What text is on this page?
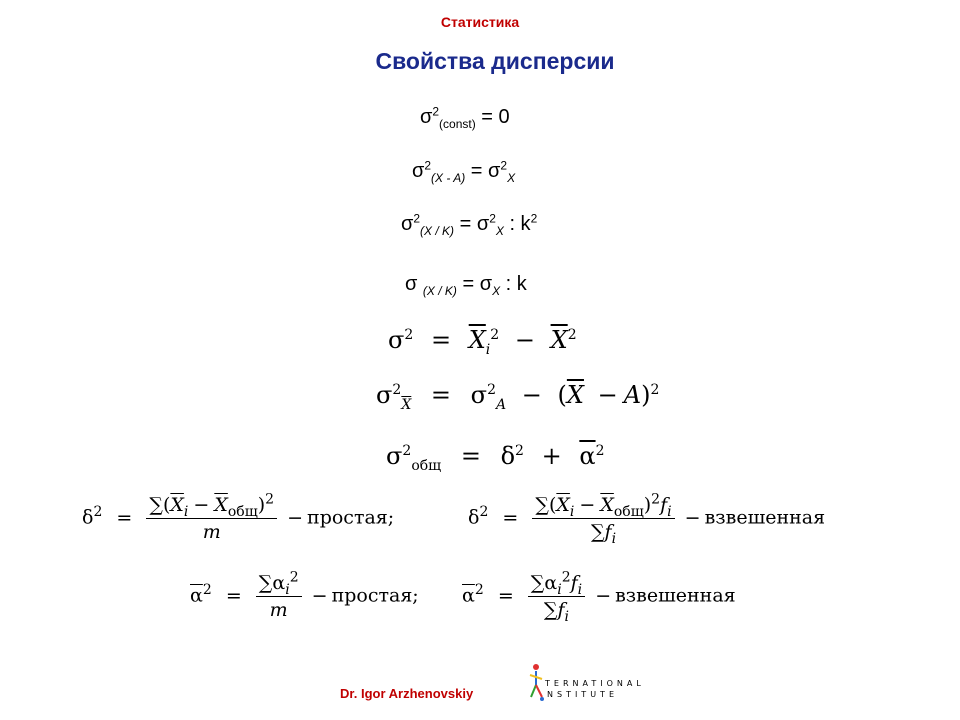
Статистика
Свойства дисперсии
$\sigma^2_{(const)} = 0$
$\sigma^2_{(X - A)} = \sigma^2_X$
$\sigma^2_{(X / K)} = \sigma^2_X$ : $k^2$
σ $_{(X / K)} = \sigma_X$ : k
$\sigma^2 = \overline{X}_i^2 - \overline{X}^2$
$\sigma^2_{\overline{X}} = \sigma^2_A - (\overline{X} - A)^2$
$\sigma^2_{общ} = \delta^2 + \overline{\alpha}^2$
$\delta^2 = \frac{\sum(\overline{X}_i - \overline{X}_{общ})^2}{m}$ − простая;	$\delta^2 = \frac{\sum(\overline{X}_i - \overline{X}_{общ})^2f_i}{\sum f_i}$ − взвешенная
$\overline{\alpha}^2 = \frac{\sum\alpha_i^2}{m}$ − простая; $\overline{\alpha}^2 = \frac{\sum\alpha_i^2f_i}{\sum f_i}$ − взвешенная
Dr. Igor Arzhenovskiy
TERNATIONAL
NSTITUTE
